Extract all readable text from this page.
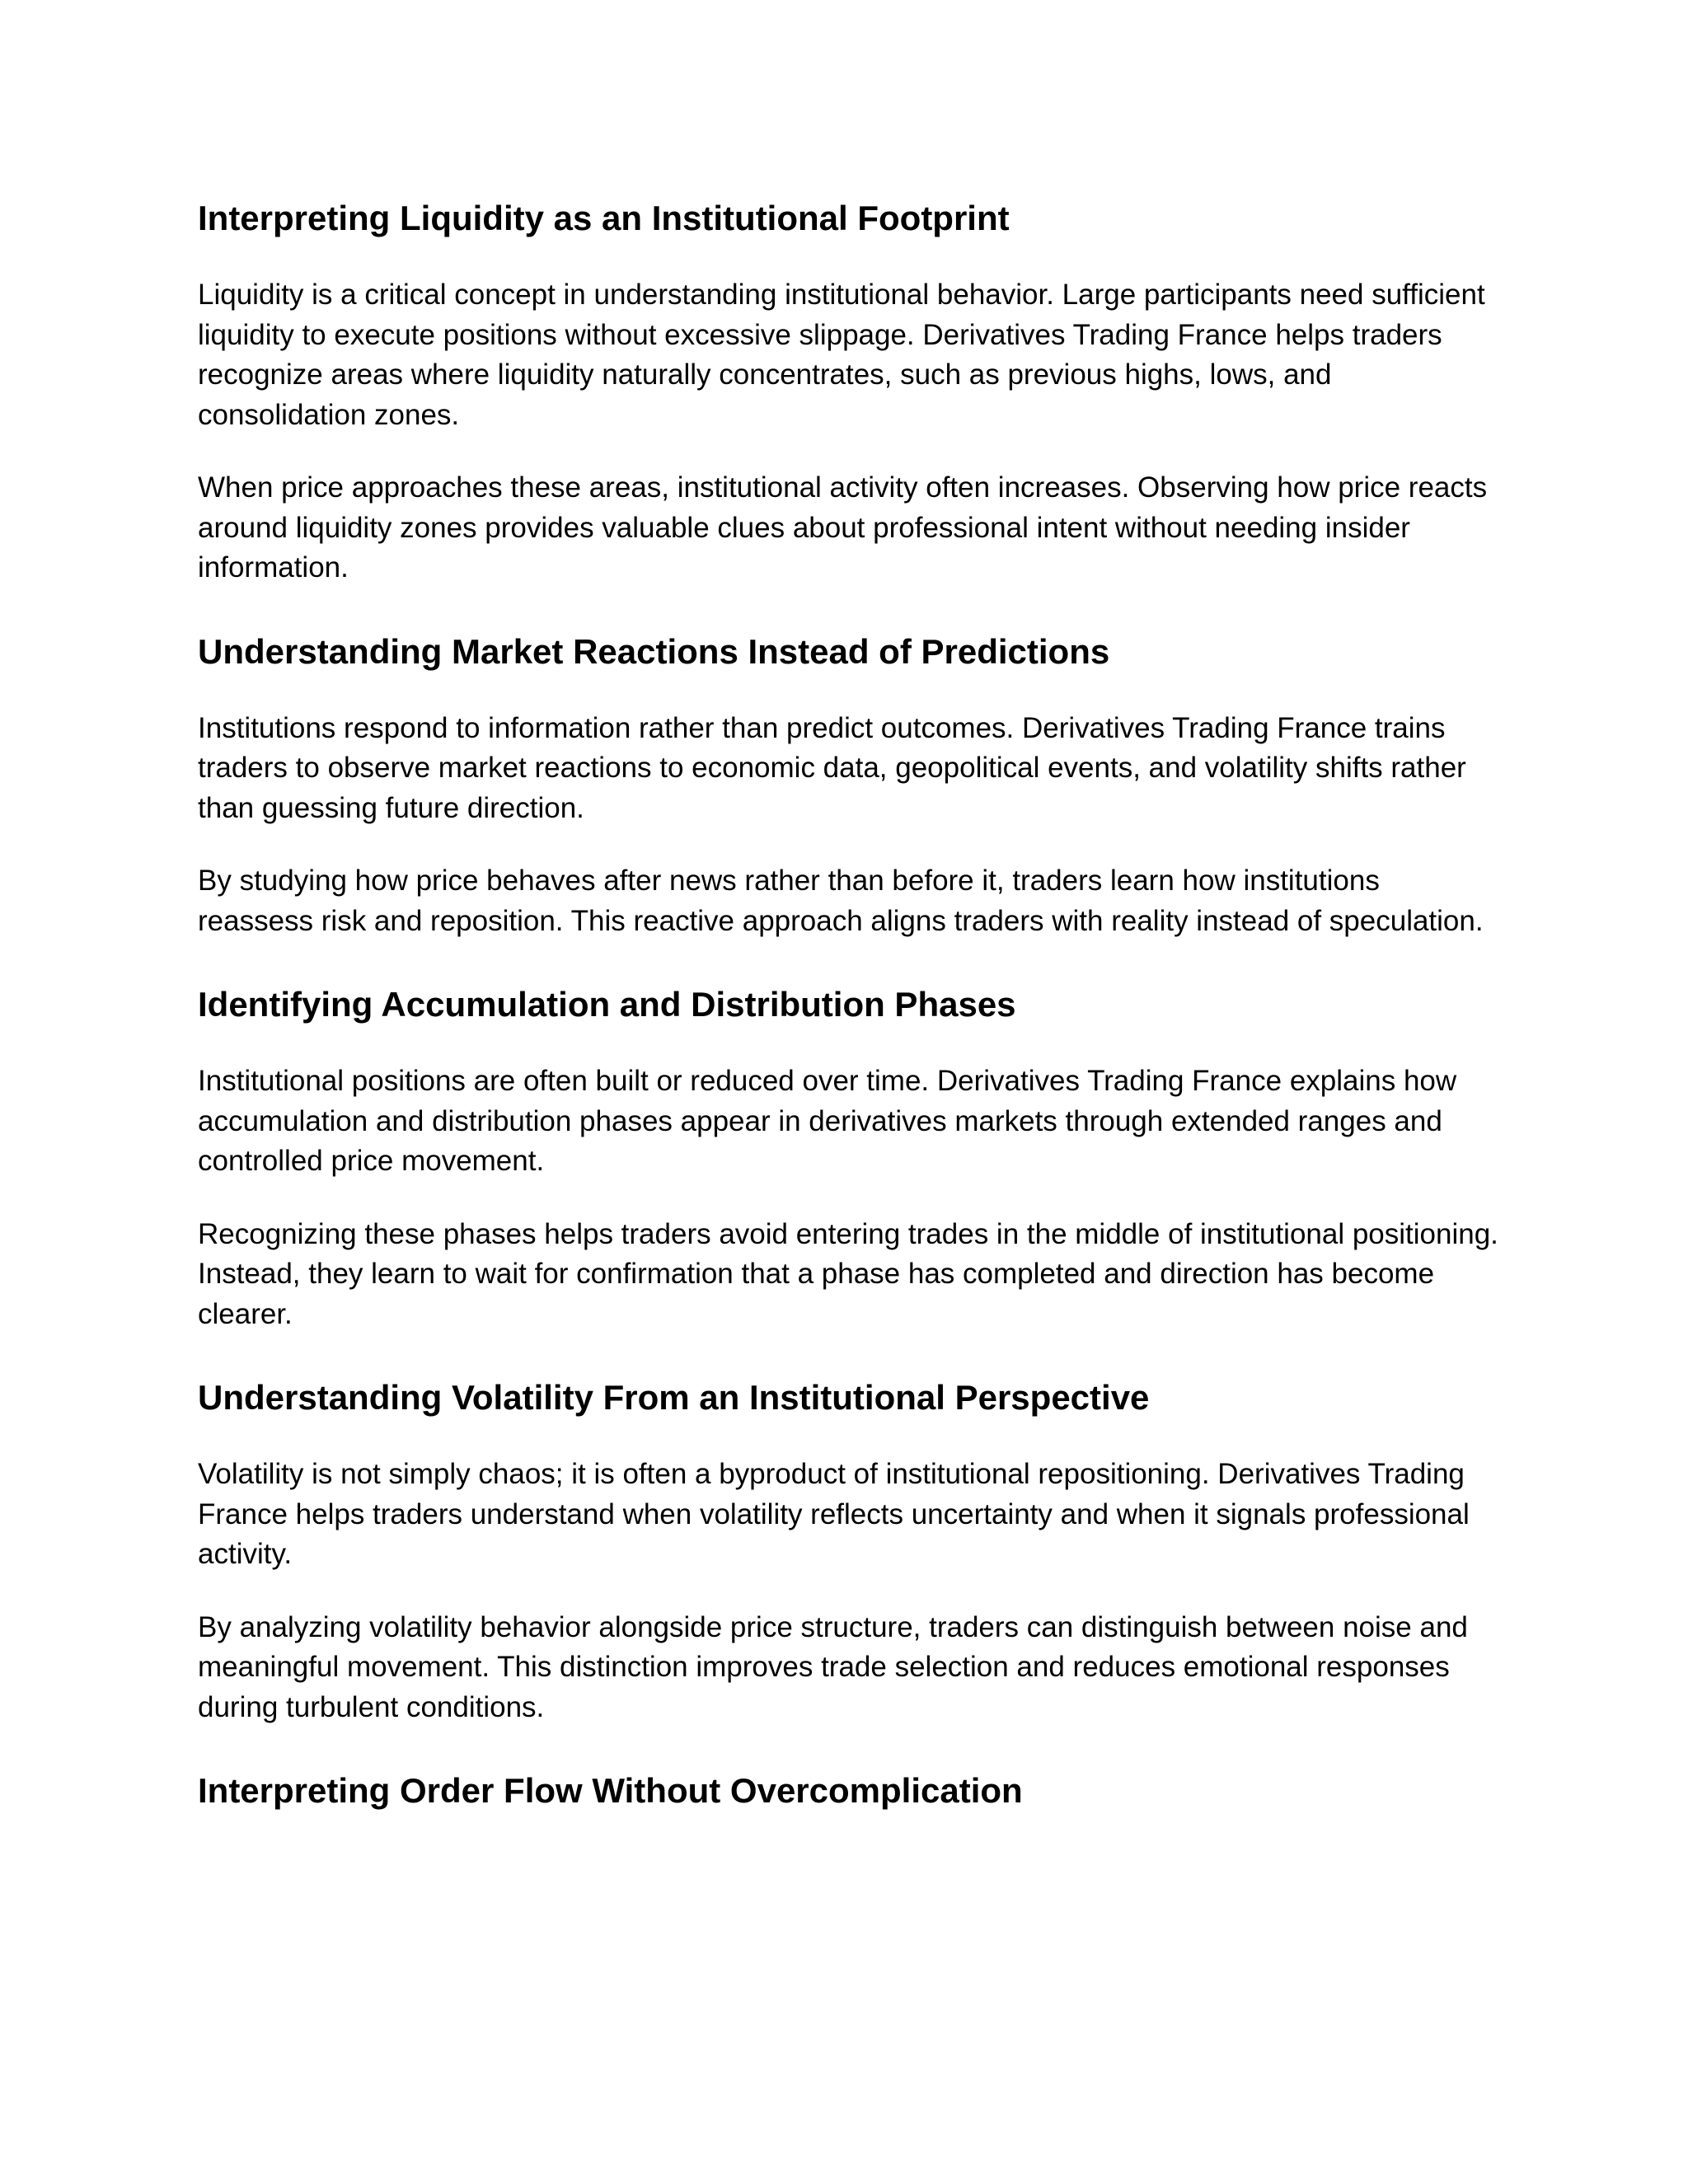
Interpreting Liquidity as an Institutional Footprint

Liquidity is a critical concept in understanding institutional behavior. Large participants need sufficient liquidity to execute positions without excessive slippage. Derivatives Trading France helps traders recognize areas where liquidity naturally concentrates, such as previous highs, lows, and consolidation zones.

When price approaches these areas, institutional activity often increases. Observing how price reacts around liquidity zones provides valuable clues about professional intent without needing insider information.

Understanding Market Reactions Instead of Predictions

Institutions respond to information rather than predict outcomes. Derivatives Trading France trains traders to observe market reactions to economic data, geopolitical events, and volatility shifts rather than guessing future direction.

By studying how price behaves after news rather than before it, traders learn how institutions reassess risk and reposition. This reactive approach aligns traders with reality instead of speculation.

Identifying Accumulation and Distribution Phases

Institutional positions are often built or reduced over time. Derivatives Trading France explains how accumulation and distribution phases appear in derivatives markets through extended ranges and controlled price movement.

Recognizing these phases helps traders avoid entering trades in the middle of institutional positioning. Instead, they learn to wait for confirmation that a phase has completed and direction has become clearer.

Understanding Volatility From an Institutional Perspective

Volatility is not simply chaos; it is often a byproduct of institutional repositioning. Derivatives Trading France helps traders understand when volatility reflects uncertainty and when it signals professional activity.

By analyzing volatility behavior alongside price structure, traders can distinguish between noise and meaningful movement. This distinction improves trade selection and reduces emotional responses during turbulent conditions.

Interpreting Order Flow Without Overcomplication
